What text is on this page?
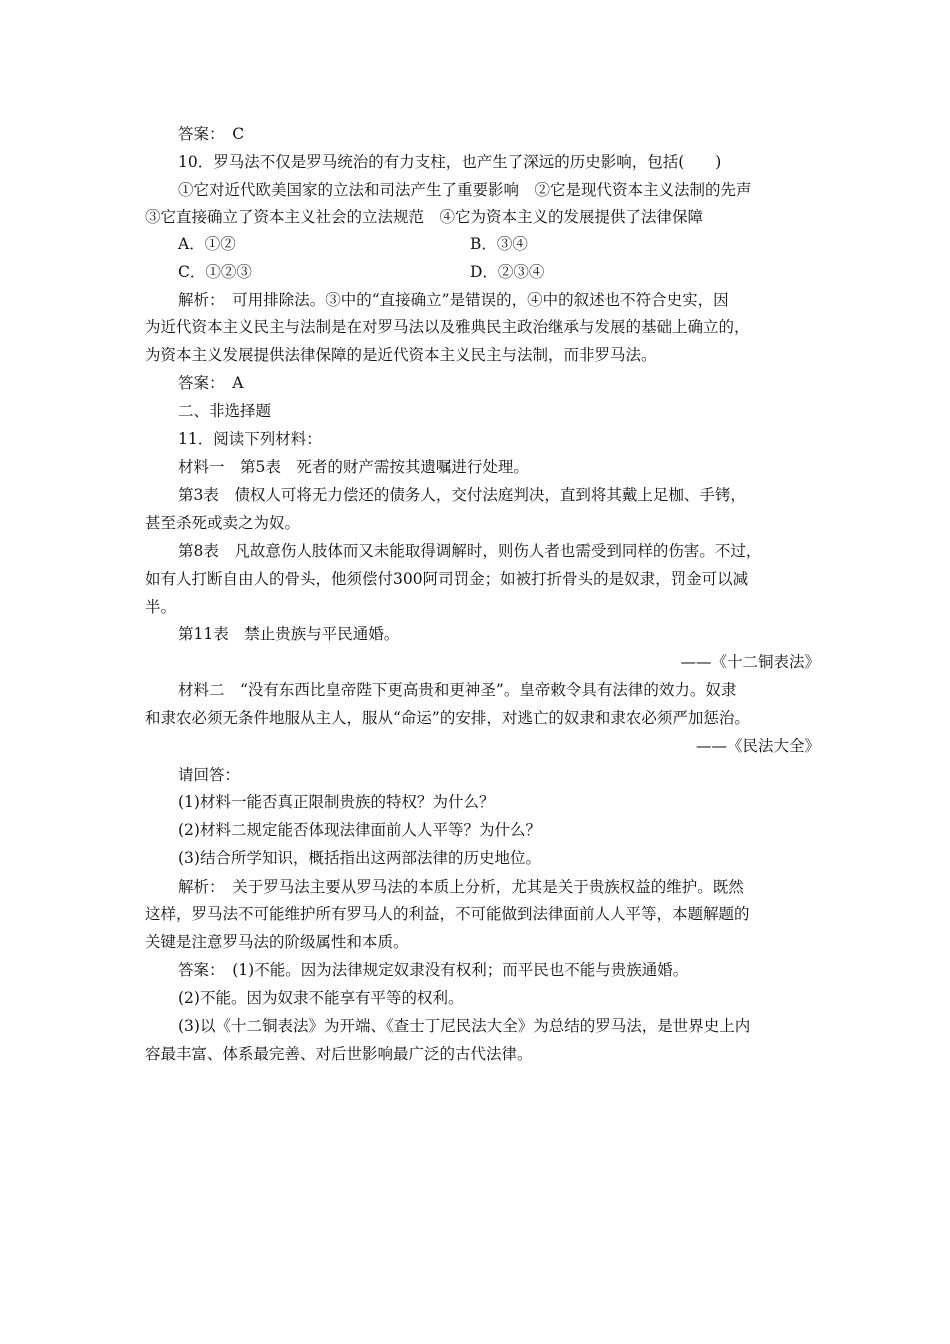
答案：　C
10．罗马法不仅是罗马统治的有力支柱，也产生了深远的历史影响，包括(　　)
①它对近代欧美国家的立法和司法产生了重要影响　②它是现代资本主义法制的先声
③它直接确立了资本主义社会的立法规范　④它为资本主义的发展提供了法律保障
A．①②	B．③④
C．①②③	D．②③④
解析：　可用排除法。③中的“直接确立”是错误的，④中的叙述也不符合史实，因
为近代资本主义民主与法制是在对罗马法以及雅典民主政治继承与发展的基础上确立的，
为资本主义发展提供法律保障的是近代资本主义民主与法制，而非罗马法。
答案：　A
二、非选择题
11．阅读下列材料：
材料一　第5表　死者的财产需按其遗嘱进行处理。
第3表　债权人可将无力偿还的债务人，交付法庭判决，直到将其戴上足枷、手铐，
甚至杀死或卖之为奴。
第8表　凡故意伤人肢体而又未能取得调解时，则伤人者也需受到同样的伤害。不过，
如有人打断自由人的骨头，他须偿付300阿司罚金；如被打折骨头的是奴隶，罚金可以减
半。
第11表　禁止贵族与平民通婚。
——《十二铜表法》
材料二　“没有东西比皇帝陛下更高贵和更神圣”。皇帝敕令具有法律的效力。奴隶
和隶农必须无条件地服从主人，服从“命运”的安排，对逃亡的奴隶和隶农必须严加惩治。
——《民法大全》
请回答：
(1)材料一能否真正限制贵族的特权？为什么？
(2)材料二规定能否体现法律面前人人平等？为什么？
(3)结合所学知识，概括指出这两部法律的历史地位。
解析：　关于罗马法主要从罗马法的本质上分析，尤其是关于贵族权益的维护。既然
这样，罗马法不可能维护所有罗马人的利益，不可能做到法律面前人人平等，本题解题的
关键是注意罗马法的阶级属性和本质。
答案：　(1)不能。因为法律规定奴隶没有权利；而平民也不能与贵族通婚。
(2)不能。因为奴隶不能享有平等的权利。
(3)以《十二铜表法》为开端、《查士丁尼民法大全》为总结的罗马法，是世界史上内
容最丰富、体系最完善、对后世影响最广泛的古代法律。
